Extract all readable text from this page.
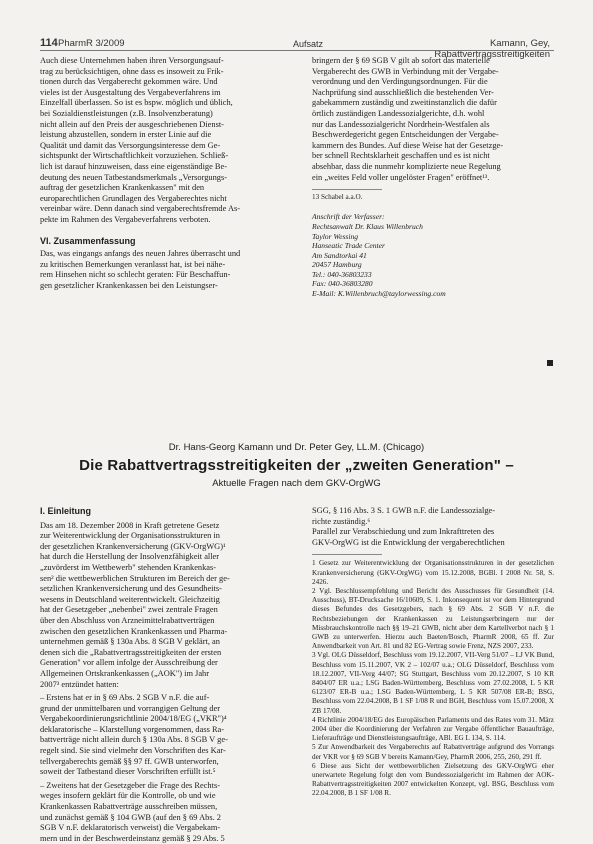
114 PharmR 3/2009	Aufsatz	Kamann, Gey, Rabattvertragsstreitigkeiten
Auch diese Unternehmen haben ihren Versorgungsauf-
trag zu berücksichtigen, ohne dass es insoweit zu Frik-
tionen durch das Vergaberecht gekommen wäre. Und
vieles ist der Ausgestaltung des Vergabeverfahrens im
Einzelfall überlassen. So ist es bspw. möglich und üblich,
bei Sozialdienstleistungen (z.B. Insolvenzberatung)
nicht allein auf den Preis der ausgeschriebenen Dienst-
leistung abzustellen, sondern in erster Linie auf die
Qualität und damit das Versorgungsinteresse dem Ge-
sichtspunkt der Wirtschaftlichkeit vorzuziehen. Schließ-
lich ist darauf hinzuweisen, dass eine eigenständige Be-
deutung des neuen Tatbestandsmerkmals „Versorgungs-
auftrag der gesetzlichen Krankenkassen" mit den
europarechtlichen Grundlagen des Vergaberechtes nicht
vereinbar wäre. Denn danach sind vergaberechtsfremde As-
pekte im Rahmen des Vergabeverfahrens verboten.
VI. Zusammenfassung
Das, was eingangs anfangs des neuen Jahres überrascht und
zu kritischen Bemerkungen veranlasst hat, ist bei nähe-
rem Hinsehen nicht so schlecht geraten: Für Beschaffun-
gen gesetzlicher Krankenkassen bei den Leistungser-
bringern der § 69 SGB V gilt ab sofort das materielle
Vergaberecht des GWB in Verbindung mit der Vergabe-
verordnung und den Verdingungsordnungen. Für die
Nachprüfung sind ausschließlich die bestehenden Ver-
gabekammern zuständig und zweitinstanzlich die dafür
örtlich zuständigen Landessozialgerichte, d.h. wohl
nur das Landessozialgericht Nordrhein-Westfalen als
Beschwerdegericht gegen Entscheidungen der Vergabe-
kammern des Bundes. Auf diese Weise hat der Gesetzge-
ber schnell Rechtsklarheit geschaffen und es ist nicht
absehbar, dass die nunmehr komplizierte neue Regelung
ein „weites Feld voller ungelöster Fragen" eröffnet¹³.
13 Schabel a.a.O.
Anschrift der Verfasser:
Rechtsanwalt Dr. Klaus Willenbruch
Taylor Wessing
Hanseatic Trade Center
Am Sandtorkai 41
20457 Hamburg
Tel.: 040-36803233
Fax: 040-36803280
E-Mail: K.Willenbruch@taylorwessing.com
Dr. Hans-Georg Kamann und Dr. Peter Gey, LL.M. (Chicago)
Die Rabattvertragsstreitigkeiten der „zweiten Generation" –
Aktuelle Fragen nach dem GKV-OrgWG
I. Einleitung
Das am 18. Dezember 2008 in Kraft getretene Gesetz
zur Weiterentwicklung der Organisationsstrukturen in
der gesetzlichen Krankenversicherung (GKV-OrgWG)¹
hat durch die Herstellung der Insolvenzfähigkeit aller
„zuvörderst im Wettbewerb" stehenden Krankenkas-
sen² die wettbewerblichen Strukturen im Bereich der ge-
setzlichen Krankenversicherung und des Gesundheits-
wesens in Deutschland weiterentwickelt. Gleichzeitig
hat der Gesetzgeber „nebenbei" zwei zentrale Fragen
über den Abschluss von Arzneimittelrabattverträgen
zwischen den gesetzlichen Krankenkassen und Pharma-
unternehmen gemäß § 130a Abs. 8 SGB V geklärt, an
denen sich die „Rabattvertragsstreitigkeiten der ersten
Generation" vor allem infolge der Ausschreibung der
Allgemeinen Ortskrankenkassen („AOK") im Jahr
2007³ entzündet hatten:
– Erstens hat er in § 69 Abs. 2 SGB V n.F. die auf-
grund der unmittelbaren und vorrangigen Geltung der
Vergabekoordinierungsrichtlinie 2004/18/EG („VKR")⁴
deklaratorische – Klarstellung vorgenommen, dass Ra-
battverträge nicht allein durch § 130a Abs. 8 SGB V ge-
regelt sind. Sie sind vielmehr den Vorschriften des Kar-
tellvergaberechts gemäß §§ 97 ff. GWB unterworfen,
soweit der Tatbestand dieser Vorschriften erfüllt ist.⁵
– Zweitens hat der Gesetzgeber die Frage des Rechts-
weges insofern geklärt für die Kontrolle, ob und wie
Krankenkassen Rabattverträge ausschreiben müssen,
und zunächst gemäß § 104 GWB (auf den § 69 Abs. 2
SGB V n.F. deklaratorisch verweist) die Vergabekam-
mern und in der Beschwerdeinstanz gemäß § 29 Abs. 5
SGG, § 116 Abs. 3 S. 1 GWB n.F. die Landessozialge-
richte zuständig.⁶
Parallel zur Verabschiedung und zum Inkrafttreten des
GKV-OrgWG ist die Entwicklung der vergaberechtlichen

1 Gesetz zur Weiterentwicklung der Organisationsstrukturen in der gesetzlichen Krankenversicherung (GKV-OrgWG) vom 15.12.2008, BGBl. I 2008 Nr. 58, S. 2426.

2 Vgl. Beschlussempfehlung und Bericht des Ausschusses für Gesundheit (14. Ausschuss), BT-Drucksache 16/10609, S. 1. Inkonsequent ist vor dem Hintergrund dieses Befundes des Gesetzgebers, nach § 69 Abs. 2 SGB V n.F. die Rechtsbeziehungen der Krankenkassen zu Leistungserbringern nur der Missbrauchskontrolle nach §§ 19–21 GWB, nicht aber dem Kartellverbot nach § 1 GWB zu unterwerfen. Hierzu auch Baeten/Bosch, PharmR 2008, 65 ff. Zur Anwendbarkeit von Art. 81 und 82 EG-Vertrag sowie Frenz, NZS 2007, 233.

3 Vgl. OLG Düsseldorf, Beschluss vom 19.12.2007, VII-Verg 51/07 – LJ VK Bund, Beschluss vom 15.11.2007, VK 2 – 102/07 u.a.; OLG Düsseldorf, Beschluss vom 18.12.2007, VII-Verg 44/07; SG Stuttgart, Beschluss vom 20.12.2007, S 10 KR 8404/07 ER u.a.; LSG Baden-Württemberg, Beschluss vom 27.02.2008, L 5 KR 6123/07 ER-B u.a.; LSG Baden-Württemberg, L 5 KR 507/08 ER-B; BSG, Beschluss vom 22.04.2008, B 1 SF 1/08 R und BGH, Beschluss vom 15.07.2008, X ZB 17/08.

4 Richtlinie 2004/18/EG des Europäischen Parlaments und des Rates vom 31. März 2004 über die Koordinierung der Verfahren zur Vergabe öffentlicher Bauaufträge, Lieferaufträge und Dienstleistungsaufträge, ABl. EG L 134, S. 114.

5 Zur Anwendbarkeit des Vergaberechts auf Rabattverträge aufgrund des Vorrangs der VKR vor § 69 SGB V bereits Kamann/Gey, PharmR 2006, 255, 260, 291 ff.

6 Diese aus Sicht der wettbewerblichen Zielsetzung des GKV-OrgWG eher unerwartete Regelung folgt den vom Bundessozialgericht im Rahmen der AOK-Rabattvertragsstreitigkeiten 2007 entwickelten Konzept, vgl. BSG, Beschluss vom 22.04.2008, B 1 SF 1/08 R.
